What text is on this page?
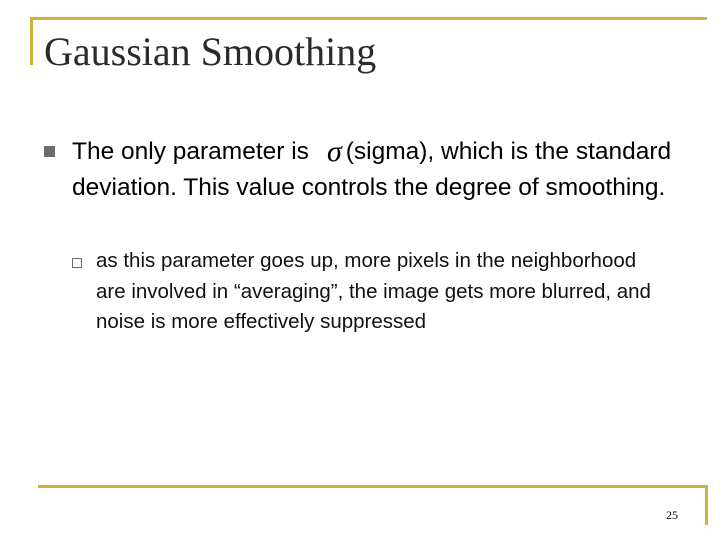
Gaussian Smoothing
The only parameter is σ (sigma), which is the standard deviation. This value controls the degree of smoothing.
as this parameter goes up, more pixels in the neighborhood are involved in “averaging”, the image gets more blurred, and noise is more effectively suppressed
25
